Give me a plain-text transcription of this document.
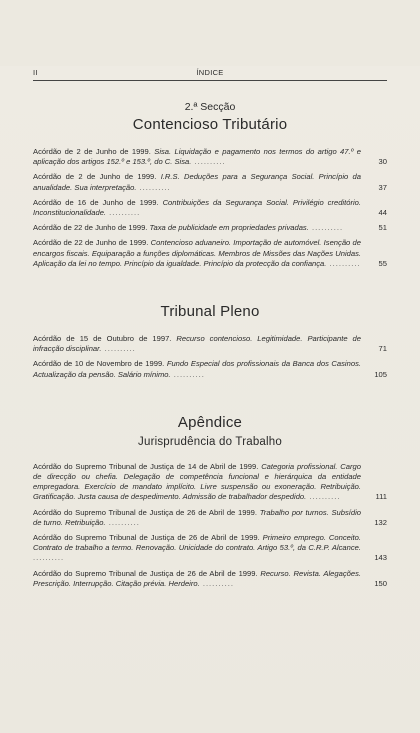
II	ÍNDICE
2.ª Secção
Contencioso Tributário
Acórdão de 2 de Junho de 1999. Sisa. Liquidação e pagamento nos termos do artigo 47.º e aplicação dos artigos 152.º e 153.º, do C. Sisa. ..........	30
Acórdão de 2 de Junho de 1999. I.R.S. Deduções para a Segurança Social. Princípio da anualidade. Sua interpretação. ..........	37
Acórdão de 16 de Junho de 1999. Contribuições da Segurança Social. Privilégio creditório. Inconstitucionalidade. ..........	44
Acórdão de 22 de Junho de 1999. Taxa de publicidade em propriedades privadas. ..........	51
Acórdão de 22 de Junho de 1999. Contencioso aduaneiro. Importação de automóvel. Isenção de encargos fiscais. Equiparação a funções diplomáticas. Membros de Missões das Nações Unidas. Aplicação da lei no tempo. Princípio da igualdade. Princípio da protecção da confiança. .......... 55
Tribunal Pleno
Acórdão de 15 de Outubro de 1997. Recurso contencioso. Legitimidade. Participante de infracção disciplinar. ..........	71
Acórdão de 10 de Novembro de 1999. Fundo Especial dos profissionais da Banca dos Casinos. Actualização da pensão. Salário mínimo. ..........	105
Apêndice
Jurisprudência do Trabalho
Acórdão do Supremo Tribunal de Justiça de 14 de Abril de 1999. Categoria profissional. Cargo de direcção ou chefia. Delegação de competência funcional e hierárquica da entidade empregadora. Exercício de mandato implícito. Livre suspensão ou exoneração. Retribuição. Gratificação. Justa causa de despedimento. Admissão de trabalhador despedido. ..........	111
Acórdão do Supremo Tribunal de Justiça de 26 de Abril de 1999. Trabalho por turnos. Subsídio de turno. Retribuição. ..........	132
Acórdão do Supremo Tribunal de Justiça de 26 de Abril de 1999. Primeiro emprego. Conceito. Contrato de trabalho a termo. Renovação. Unicidade do contrato. Artigo 53.º, da C.R.P. Alcance. ..........	143
Acórdão do Supremo Tribunal de Justiça de 26 de Abril de 1999. Recurso. Revista. Alegações. Prescrição. Interrupção. Citação prévia. Herdeiro. ..........	150
